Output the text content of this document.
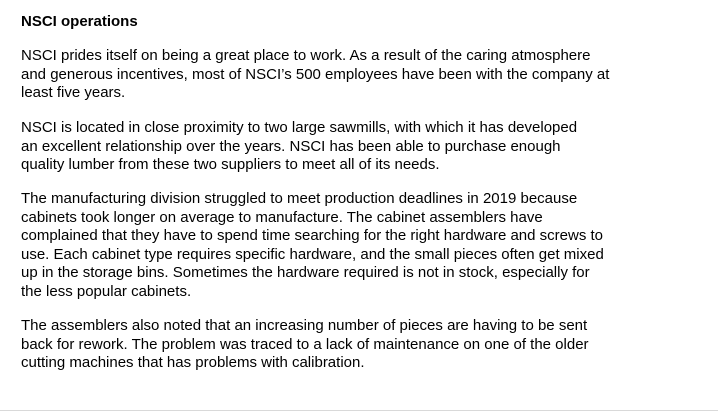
NSCI operations

NSCI prides itself on being a great place to work. As a result of the caring atmosphere
and generous incentives, most of NSCI’s 500 employees have been with the company at
least five years.

NSCI is located in close proximity to two large sawmills, with which it has developed
an excellent relationship over the years. NSCI has been able to purchase enough
quality lumber from these two suppliers to meet all of its needs.

The manufacturing division struggled to meet production deadlines in 2019 because
cabinets took longer on average to manufacture. The cabinet assemblers have
complained that they have to spend time searching for the right hardware and screws to
use. Each cabinet type requires specific hardware, and the small pieces often get mixed
up in the storage bins. Sometimes the hardware required is not in stock, especially for
the less popular cabinets.

The assemblers also noted that an increasing number of pieces are having to be sent
back for rework. The problem was traced to a lack of maintenance on one of the older
cutting machines that has problems with calibration.
